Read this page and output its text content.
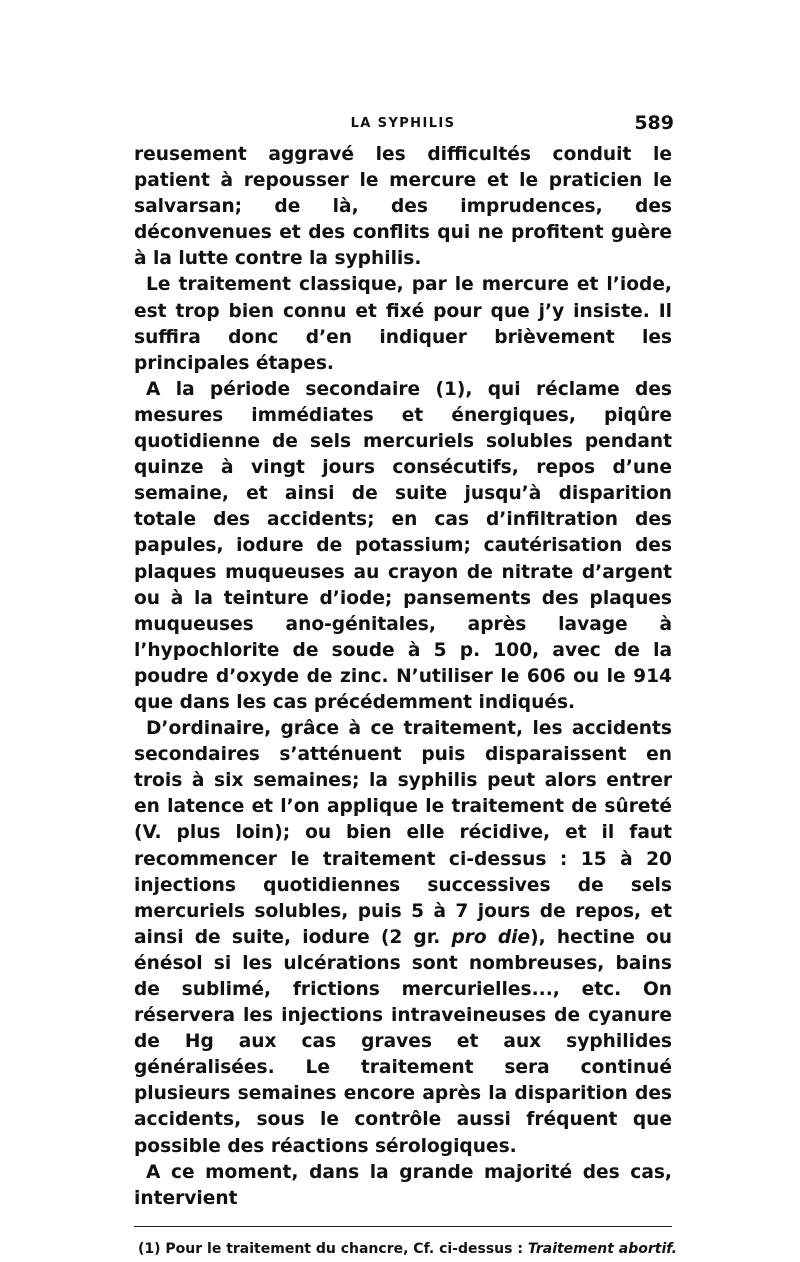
LA SYPHILIS	589

reusement aggravé les difficultés conduit le patient à repousser le mercure et le praticien le salvarsan; de là, des imprudences, des déconvenues et des conflits qui ne profitent guère à la lutte contre la syphilis.

Le traitement classique, par le mercure et l’iode, est trop bien connu et fixé pour que j’y insiste. Il suffira donc d’en indiquer brièvement les principales étapes.

A la période secondaire (1), qui réclame des mesures immédiates et énergiques, piqûre quotidienne de sels mercuriels solubles pendant quinze à vingt jours consécutifs, repos d’une semaine, et ainsi de suite jusqu’à disparition totale des accidents; en cas d’infiltration des papules, iodure de potassium; cautérisation des plaques muqueuses au crayon de nitrate d’argent ou à la teinture d’iode; pansements des plaques muqueuses ano-génitales, après lavage à l’hypochlorite de soude à 5 p. 100, avec de la poudre d’oxyde de zinc. N’utiliser le 606 ou le 914 que dans les cas précédemment indiqués.

D’ordinaire, grâce à ce traitement, les accidents secondaires s’atténuent puis disparaissent en trois à six semaines; la syphilis peut alors entrer en latence et l’on applique le traitement de sûreté (V. plus loin); ou bien elle récidive, et il faut recommencer le traitement ci-dessus : 15 à 20 injections quotidiennes successives de sels mercuriels solubles, puis 5 à 7 jours de repos, et ainsi de suite, iodure (2 gr. pro die), hectine ou énésol si les ulcérations sont nombreuses, bains de sublimé, frictions mercurielles..., etc. On réservera les injections intraveineuses de cyanure de Hg aux cas graves et aux syphilides généralisées. Le traitement sera continué plusieurs semaines encore après la disparition des accidents, sous le contrôle aussi fréquent que possible des réactions sérologiques.

A ce moment, dans la grande majorité des cas, intervient

(1) Pour le traitement du chancre, Cf. ci-dessus : Traitement abortif.
